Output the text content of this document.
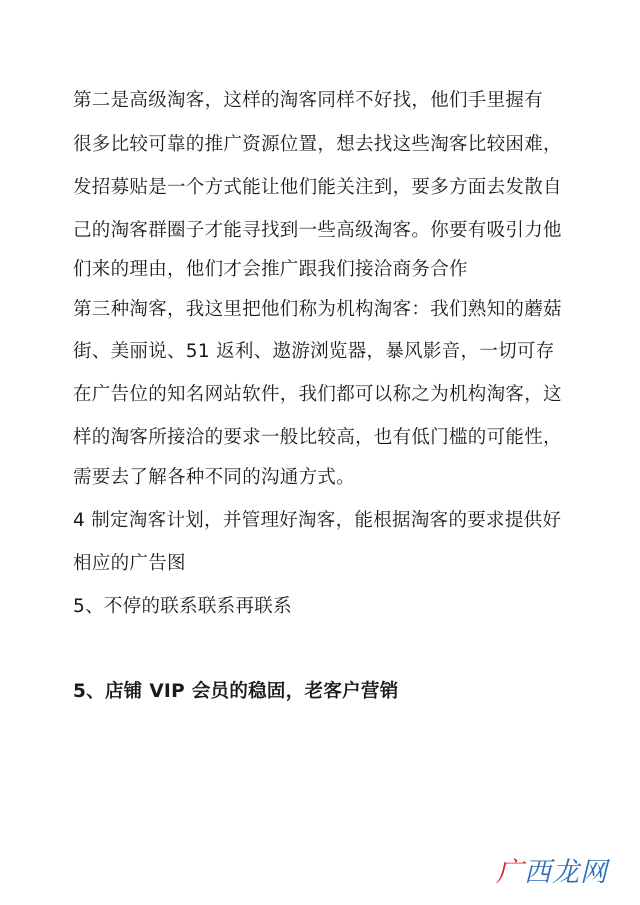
第二是高级淘客，这样的淘客同样不好找，他们手里握有
很多比较可靠的推广资源位置，想去找这些淘客比较困难，
发招募贴是一个方式能让他们能关注到，要多方面去发散自
己的淘客群圈子才能寻找到一些高级淘客。你要有吸引力他
们来的理由，他们才会推广跟我们接洽商务合作
第三种淘客，我这里把他们称为机构淘客：我们熟知的蘑菇
街、美丽说、51 返利、遨游浏览器，暴风影音，一切可存
在广告位的知名网站软件，我们都可以称之为机构淘客，这
样的淘客所接洽的要求一般比较高，也有低门槛的可能性，
需要去了解各种不同的沟通方式。
4 制定淘客计划，并管理好淘客，能根据淘客的要求提供好
相应的广告图
5、不停的联系联系再联系
5、店铺 VIP 会员的稳固，老客户营销
广西龙网
